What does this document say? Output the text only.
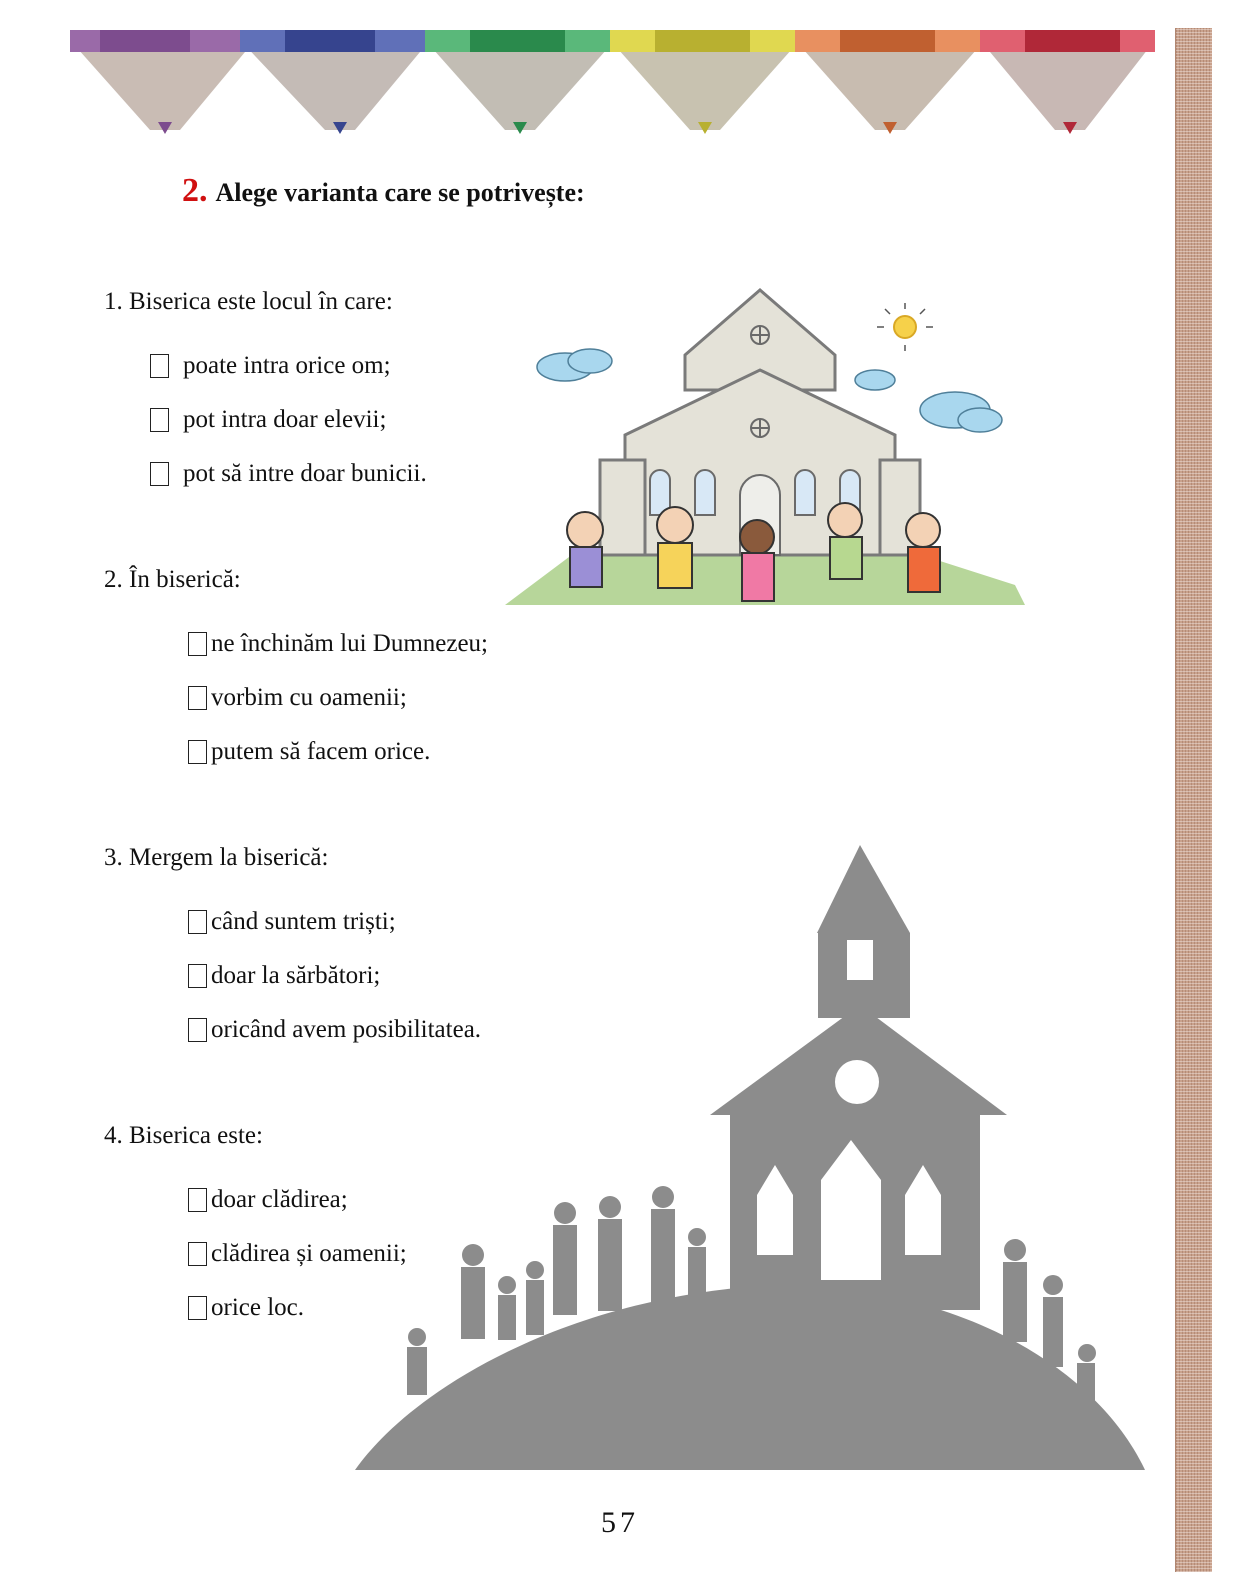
2. Alege varianta care se potrivește:
1. Biserica este locul în care:
poate intra orice om;
pot intra doar elevii;
pot să intre doar bunicii.
2. În biserică:
ne închinăm lui Dumnezeu;
vorbim cu oamenii;
putem să facem orice.
3. Mergem la biserică:
când suntem triști;
doar la sărbători;
oricând avem posibilitatea.
4. Biserica este:
doar clădirea;
clădirea și oamenii;
orice loc.
57
